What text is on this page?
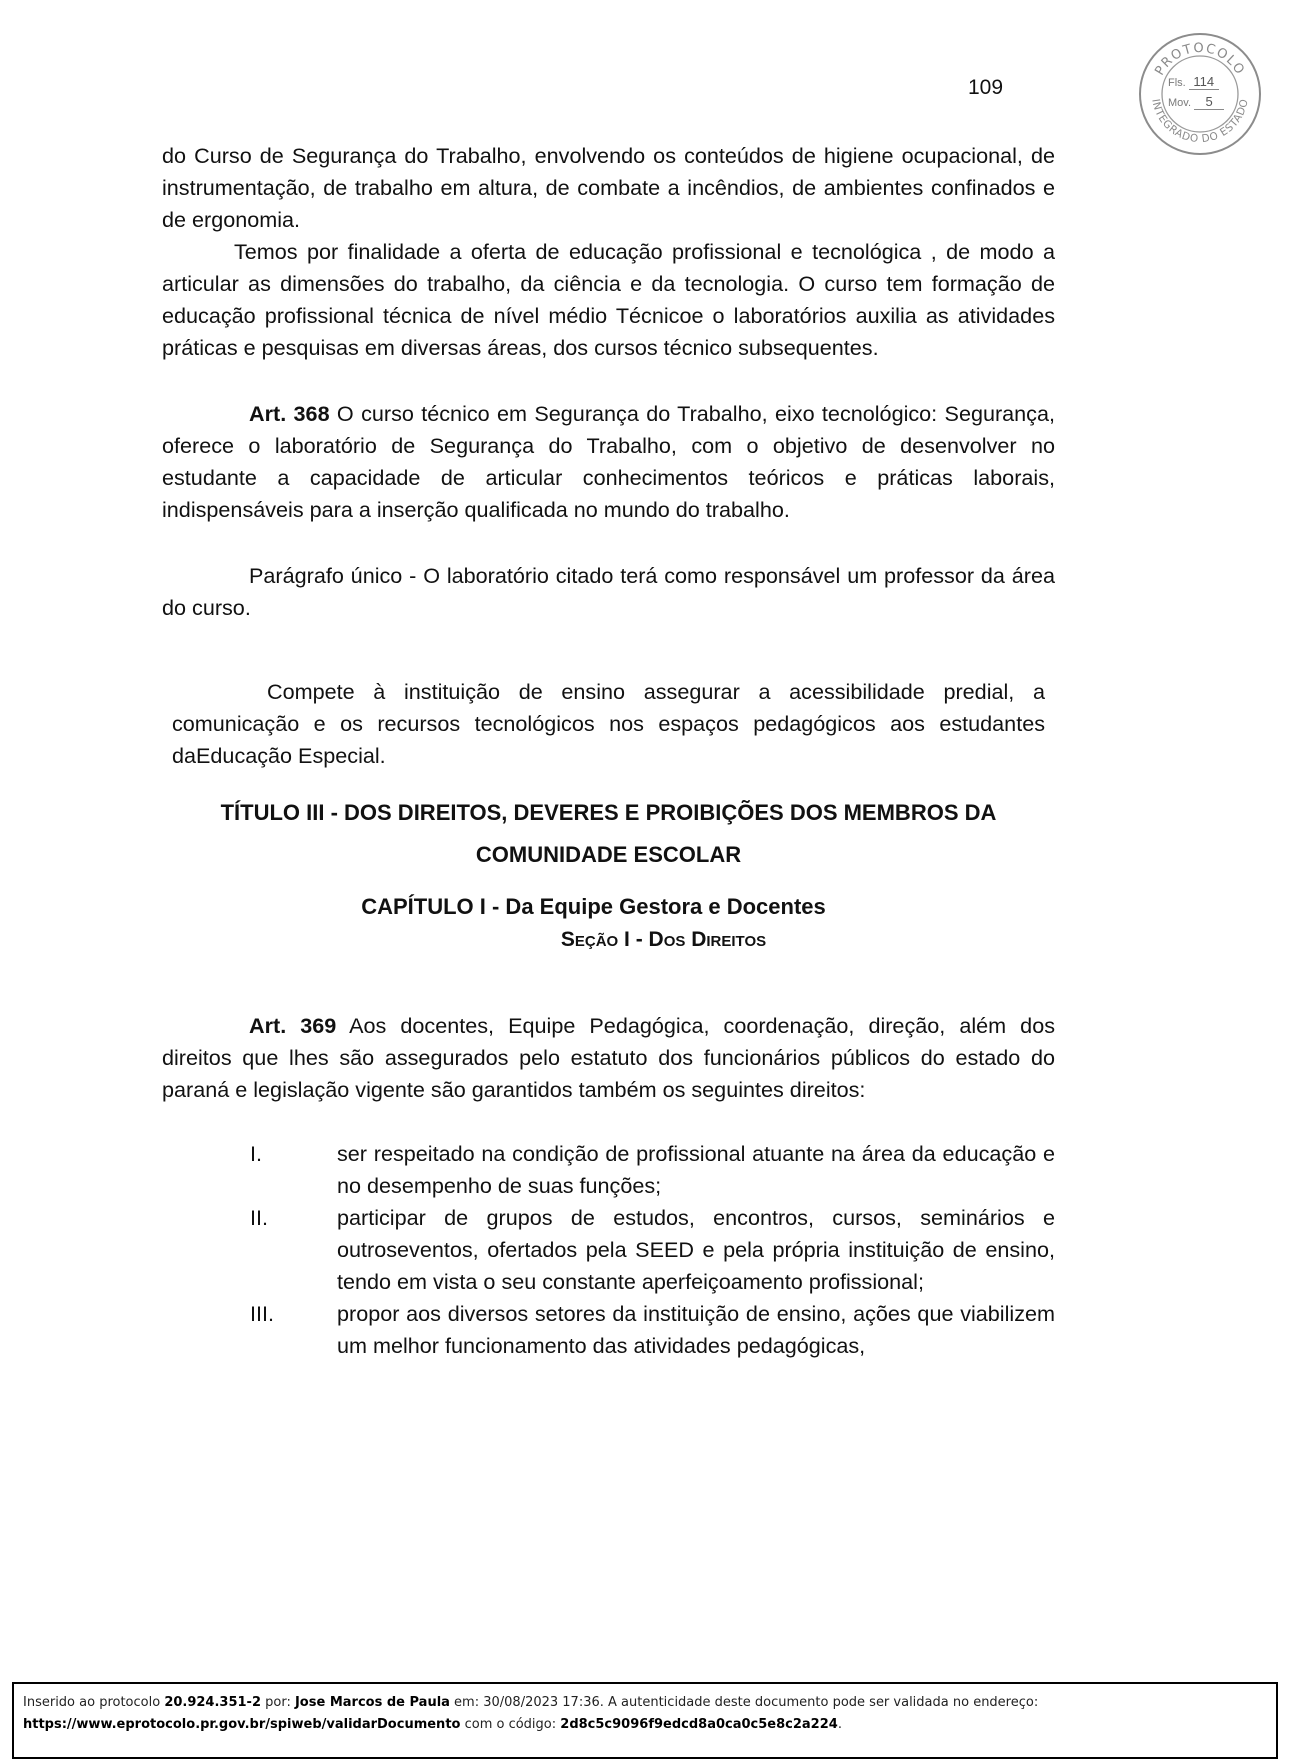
109
PROTOCOLO
INTEGRADO DO ESTADO
Fls. 114
Mov. 5

do Curso de Segurança do Trabalho, envolvendo os conteúdos de higiene ocupacional, de instrumentação, de trabalho em altura, de combate a incêndios, de ambientes confinados e de ergonomia.

Temos por finalidade a oferta de educação profissional e tecnológica , de modo a articular as dimensões do trabalho, da ciência e da tecnologia. O curso tem formação de educação profissional técnica de nível médio Técnicoe o laboratórios auxilia as atividades práticas e pesquisas em diversas áreas, dos cursos técnico subsequentes.

Art. 368 O curso técnico em Segurança do Trabalho, eixo tecnológico: Segurança, oferece o laboratório de Segurança do Trabalho, com o objetivo de desenvolver no estudante a capacidade de articular conhecimentos teóricos e práticas laborais, indispensáveis para a inserção qualificada no mundo do trabalho.

Parágrafo único - O laboratório citado terá como responsável um professor da área do curso.

Compete à instituição de ensino assegurar a acessibilidade predial, a comunicação e os recursos tecnológicos nos espaços pedagógicos aos estudantes daEducação Especial.

TÍTULO III - DOS DIREITOS, DEVERES E PROIBIÇÕES DOS MEMBROS DA

COMUNIDADE ESCOLAR

CAPÍTULO I - Da Equipe Gestora e Docentes

Seção I - Dos Direitos

Art. 369 Aos docentes, Equipe Pedagógica, coordenação, direção, além dos direitos que lhes são assegurados pelo estatuto dos funcionários públicos do estado do paraná e legislação vigente são garantidos também os seguintes direitos:

I.	ser respeitado na condição de profissional atuante na área da educação e no desempenho de suas funções;
II.	participar de grupos de estudos, encontros, cursos, seminários e outroseventos, ofertados pela SEED e pela própria instituição de ensino, tendo em vista o seu constante aperfeiçoamento profissional;
III.	propor aos diversos setores da instituição de ensino, ações que viabilizem um melhor funcionamento das atividades pedagógicas,
Inserido ao protocolo 20.924.351-2 por: Jose Marcos de Paula em: 30/08/2023 17:36. A autenticidade deste documento pode ser validada no endereço:
https://www.eprotocolo.pr.gov.br/spiweb/validarDocumento com o código: 2d8c5c9096f9edcd8a0ca0c5e8c2a224.
